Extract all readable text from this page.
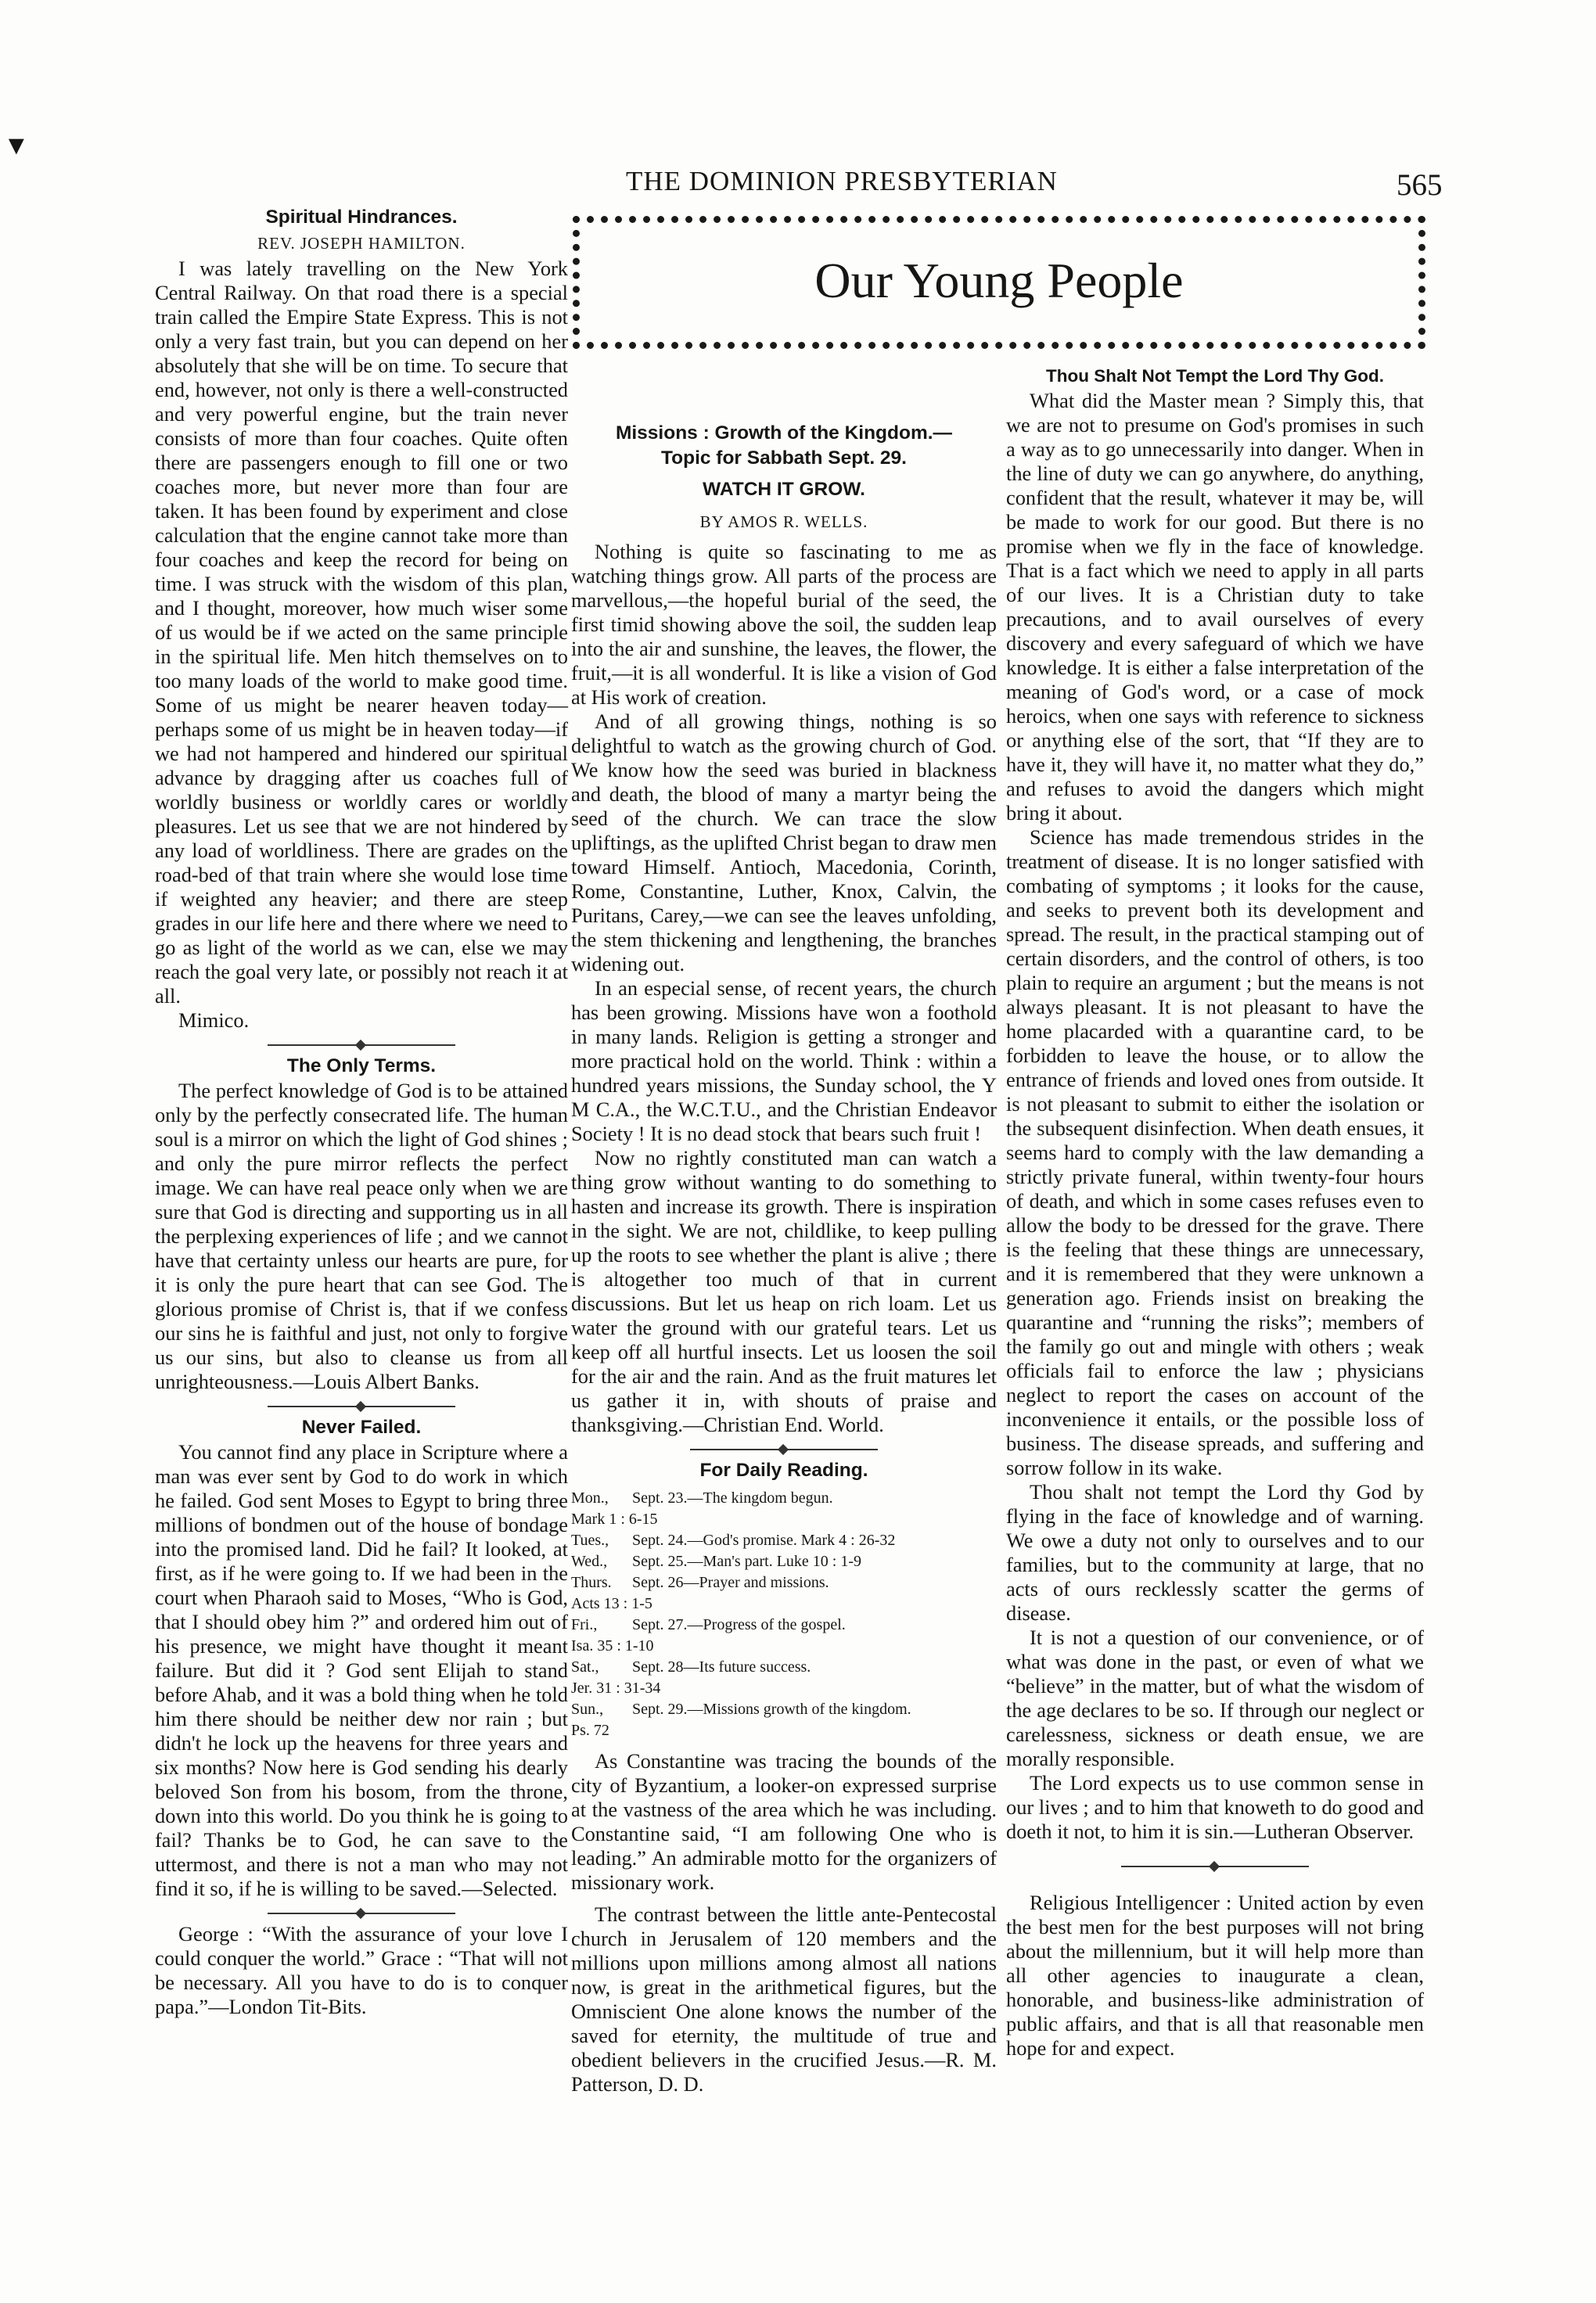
▼
THE DOMINION PRESBYTERIAN	565
Our Young People
Spiritual Hindrances.
REV. JOSEPH HAMILTON.

I was lately travelling on the New York Central Railway. On that road there is a special train called the Empire State Express. This is not only a very fast train, but you can depend on her absolutely that she will be on time. To secure that end, however, not only is there a well-constructed and very powerful engine, but the train never consists of more than four coaches. Quite often there are passengers enough to fill one or two coaches more, but never more than four are taken. It has been found by experiment and close calculation that the engine cannot take more than four coaches and keep the record for being on time. I was struck with the wisdom of this plan, and I thought, moreover, how much wiser some of us would be if we acted on the same principle in the spiritual life. Men hitch themselves on to too many loads of the world to make good time. Some of us might be nearer heaven today—perhaps some of us might be in heaven today—if we had not hampered and hindered our spiritual advance by dragging after us coaches full of worldly business or worldly cares or worldly pleasures. Let us see that we are not hindered by any load of worldliness. There are grades on the road-bed of that train where she would lose time if weighted any heavier; and there are steep grades in our life here and there where we need to go as light of the world as we can, else we may reach the goal very late, or possibly not reach it at all.

Mimico.

The Only Terms.

The perfect knowledge of God is to be attained only by the perfectly consecrated life. The human soul is a mirror on which the light of God shines ; and only the pure mirror reflects the perfect image. We can have real peace only when we are sure that God is directing and supporting us in all the perplexing experiences of life ; and we cannot have that certainty unless our hearts are pure, for it is only the pure heart that can see God. The glorious promise of Christ is, that if we confess our sins he is faithful and just, not only to forgive us our sins, but also to cleanse us from all unrighteousness.—Louis Albert Banks.

Never Failed.

You cannot find any place in Scripture where a man was ever sent by God to do work in which he failed. God sent Moses to Egypt to bring three millions of bondmen out of the house of bondage into the promised land. Did he fail? It looked, at first, as if he were going to. If we had been in the court when Pharaoh said to Moses, “Who is God, that I should obey him ?” and ordered him out of his presence, we might have thought it meant failure. But did it ? God sent Elijah to stand before Ahab, and it was a bold thing when he told him there should be neither dew nor rain ; but didn't he lock up the heavens for three years and six months? Now here is God sending his dearly beloved Son from his bosom, from the throne, down into this world. Do you think he is going to fail? Thanks be to God, he can save to the uttermost, and there is not a man who may not find it so, if he is willing to be saved.—Selected.

George : “With the assurance of your love I could conquer the world.” Grace : “That will not be necessary. All you have to do is to conquer papa.”—London Tit-Bits.

Missions : Growth of the Kingdom.—
Topic for Sabbath Sept. 29.
WATCH IT GROW.
BY AMOS R. WELLS.

Nothing is quite so fascinating to me as watching things grow. All parts of the process are marvellous,—the hopeful burial of the seed, the first timid showing above the soil, the sudden leap into the air and sunshine, the leaves, the flower, the fruit,—it is all wonderful. It is like a vision of God at His work of creation.

And of all growing things, nothing is so delightful to watch as the growing church of God. We know how the seed was buried in blackness and death, the blood of many a martyr being the seed of the church. We can trace the slow upliftings, as the uplifted Christ began to draw men toward Himself. Antioch, Macedonia, Corinth, Rome, Constantine, Luther, Knox, Calvin, the Puritans, Carey,—we can see the leaves unfolding, the stem thickening and lengthening, the branches widening out.

In an especial sense, of recent years, the church has been growing. Missions have won a foothold in many lands. Religion is getting a stronger and more practical hold on the world. Think : within a hundred years missions, the Sunday school, the Y M C.A., the W.C.T.U., and the Christian Endeavor Society ! It is no dead stock that bears such fruit !

Now no rightly constituted man can watch a thing grow without wanting to do something to hasten and increase its growth. There is inspiration in the sight. We are not, childlike, to keep pulling up the roots to see whether the plant is alive ; there is altogether too much of that in current discussions. But let us heap on rich loam. Let us water the ground with our grateful tears. Let us keep off all hurtful insects. Let us loosen the soil for the air and the rain. And as the fruit matures let us gather it in, with shouts of praise and thanksgiving.—Christian End. World.

For Daily Reading.
Mon.,	Sept. 23.—The kingdom begun.
Mark 1 : 6-15
Tues.,	Sept. 24.—God's promise. Mark 4 : 26-32
Wed.,	Sept. 25.—Man's part. Luke 10 : 1-9
Thurs.	Sept. 26—Prayer and missions.
Acts 13 : 1-5
Fri.,	Sept. 27.—Progress of the gospel.
Isa. 35 : 1-10
Sat.,	Sept. 28—Its future success.
Jer. 31 : 31-34
Sun.,	Sept. 29.—Missions growth of the kingdom.
Ps. 72

As Constantine was tracing the bounds of the city of Byzantium, a looker-on expressed surprise at the vastness of the area which he was including. Constantine said, “I am following One who is leading.” An admirable motto for the organizers of missionary work.

The contrast between the little ante-Pentecostal church in Jerusalem of 120 members and the millions upon millions among almost all nations now, is great in the arithmetical figures, but the Omniscient One alone knows the number of the saved for eternity, the multitude of true and obedient believers in the crucified Jesus.—R. M. Patterson, D. D.

Thou Shalt Not Tempt the Lord Thy God.

What did the Master mean ? Simply this, that we are not to presume on God's promises in such a way as to go unnecessarily into danger. When in the line of duty we can go anywhere, do anything, confident that the result, whatever it may be, will be made to work for our good. But there is no promise when we fly in the face of knowledge. That is a fact which we need to apply in all parts of our lives. It is a Christian duty to take precautions, and to avail ourselves of every discovery and every safeguard of which we have knowledge. It is either a false interpretation of the meaning of God's word, or a case of mock heroics, when one says with reference to sickness or anything else of the sort, that “If they are to have it, they will have it, no matter what they do,” and refuses to avoid the dangers which might bring it about.

Science has made tremendous strides in the treatment of disease. It is no longer satisfied with combating of symptoms ; it looks for the cause, and seeks to prevent both its development and spread. The result, in the practical stamping out of certain disorders, and the control of others, is too plain to require an argument ; but the means is not always pleasant. It is not pleasant to have the home placarded with a quarantine card, to be forbidden to leave the house, or to allow the entrance of friends and loved ones from outside. It is not pleasant to submit to either the isolation or the subsequent disinfection. When death ensues, it seems hard to comply with the law demanding a strictly private funeral, within twenty-four hours of death, and which in some cases refuses even to allow the body to be dressed for the grave. There is the feeling that these things are unnecessary, and it is remembered that they were unknown a generation ago. Friends insist on breaking the quarantine and “running the risks”; members of the family go out and mingle with others ; weak officials fail to enforce the law ; physicians neglect to report the cases on account of the inconvenience it entails, or the possible loss of business. The disease spreads, and suffering and sorrow follow in its wake.

Thou shalt not tempt the Lord thy God by flying in the face of knowledge and of warning. We owe a duty not only to ourselves and to our families, but to the community at large, that no acts of ours recklessly scatter the germs of disease.

It is not a question of our convenience, or of what was done in the past, or even of what we “believe” in the matter, but of what the wisdom of the age declares to be so. If through our neglect or carelessness, sickness or death ensue, we are morally responsible.

The Lord expects us to use common sense in our lives ; and to him that knoweth to do good and doeth it not, to him it is sin.—Lutheran Observer.

Religious Intelligencer : United action by even the best men for the best purposes will not bring about the millennium, but it will help more than all other agencies to inaugurate a clean, honorable, and business-like administration of public affairs, and that is all that reasonable men hope for and expect.
